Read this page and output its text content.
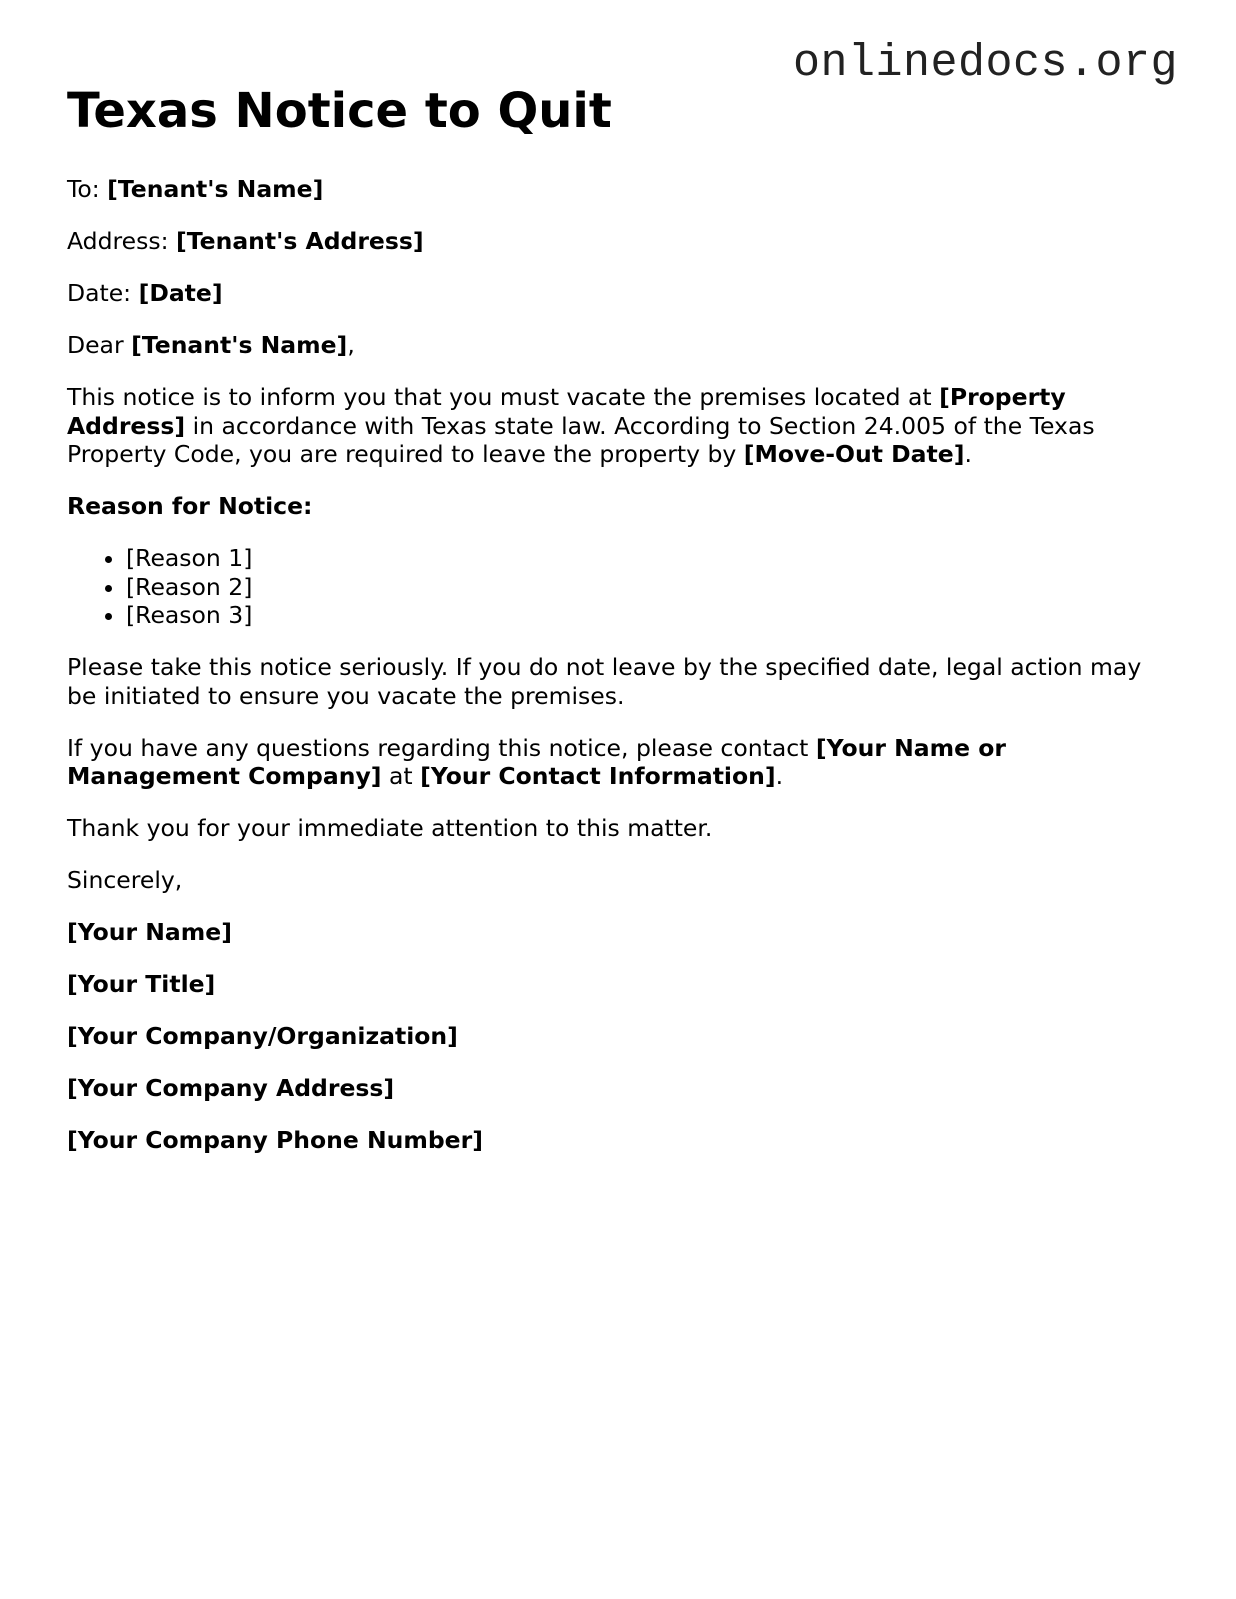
onlinedocs.org
Texas Notice to Quit

To: [Tenant's Name]

Address: [Tenant's Address]

Date: [Date]

Dear [Tenant's Name],

This notice is to inform you that you must vacate the premises located at [Property Address] in accordance with Texas state law. According to Section 24.005 of the Texas Property Code, you are required to leave the property by [Move-Out Date].

Reason for Notice:

• [Reason 1]
• [Reason 2]
• [Reason 3]

Please take this notice seriously. If you do not leave by the specified date, legal action may be initiated to ensure you vacate the premises.

If you have any questions regarding this notice, please contact [Your Name or Management Company] at [Your Contact Information].

Thank you for your immediate attention to this matter.

Sincerely,

[Your Name]

[Your Title]

[Your Company/Organization]

[Your Company Address]

[Your Company Phone Number]
